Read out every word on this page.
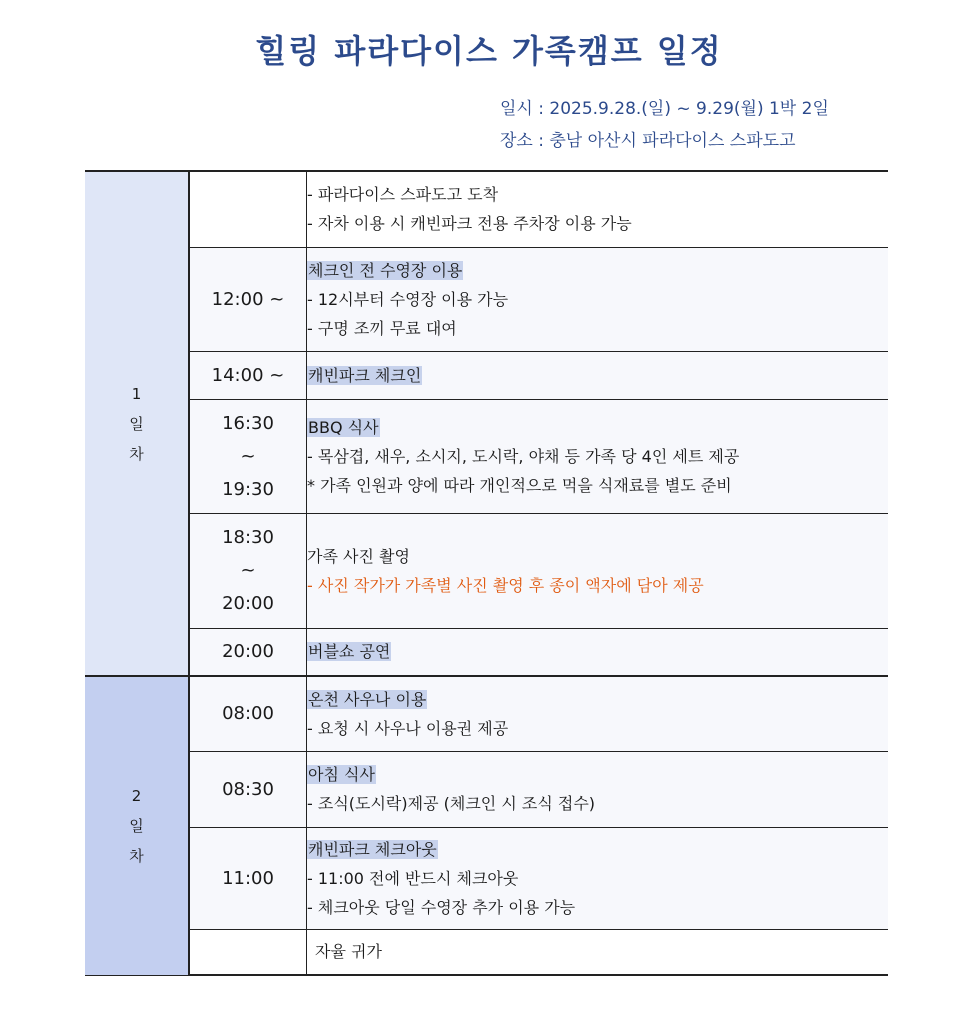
힐링 파라다이스 가족캠프 일정
일시 : 2025.9.28.(일) ~ 9.29(월) 1박 2일
장소 : 충남 아산시 파라다이스 스파도고
1
일
차		- 파라다이스 스파도고 도착
- 자차 이용 시 캐빈파크 전용 주차장 이용 가능

	12:00 ~	체크인 전 수영장 이용
- 12시부터 수영장 이용 가능
- 구명 조끼 무료 대여

	14:00 ~	캐빈파크 체크인

	16:30
~
19:30	BBQ 식사
- 목삼겹, 새우, 소시지, 도시락, 야채 등 가족 당 4인 세트 제공
* 가족 인원과 양에 따라 개인적으로 먹을 식재료를 별도 준비

	18:30
~
20:00	가족 사진 촬영
- 사진 작가가 가족별 사진 촬영 후 종이 액자에 담아 제공

	20:00	버블쇼 공연

2
일
차	08:00	온천 사우나 이용
- 요청 시 사우나 이용권 제공

	08:30	아침 식사
- 조식(도시락)제공 (체크인 시 조식 접수)

	11:00	캐빈파크 체크아웃
- 11:00 전에 반드시 체크아웃
- 체크아웃 당일 수영장 추가 이용 가능

		자율 귀가
